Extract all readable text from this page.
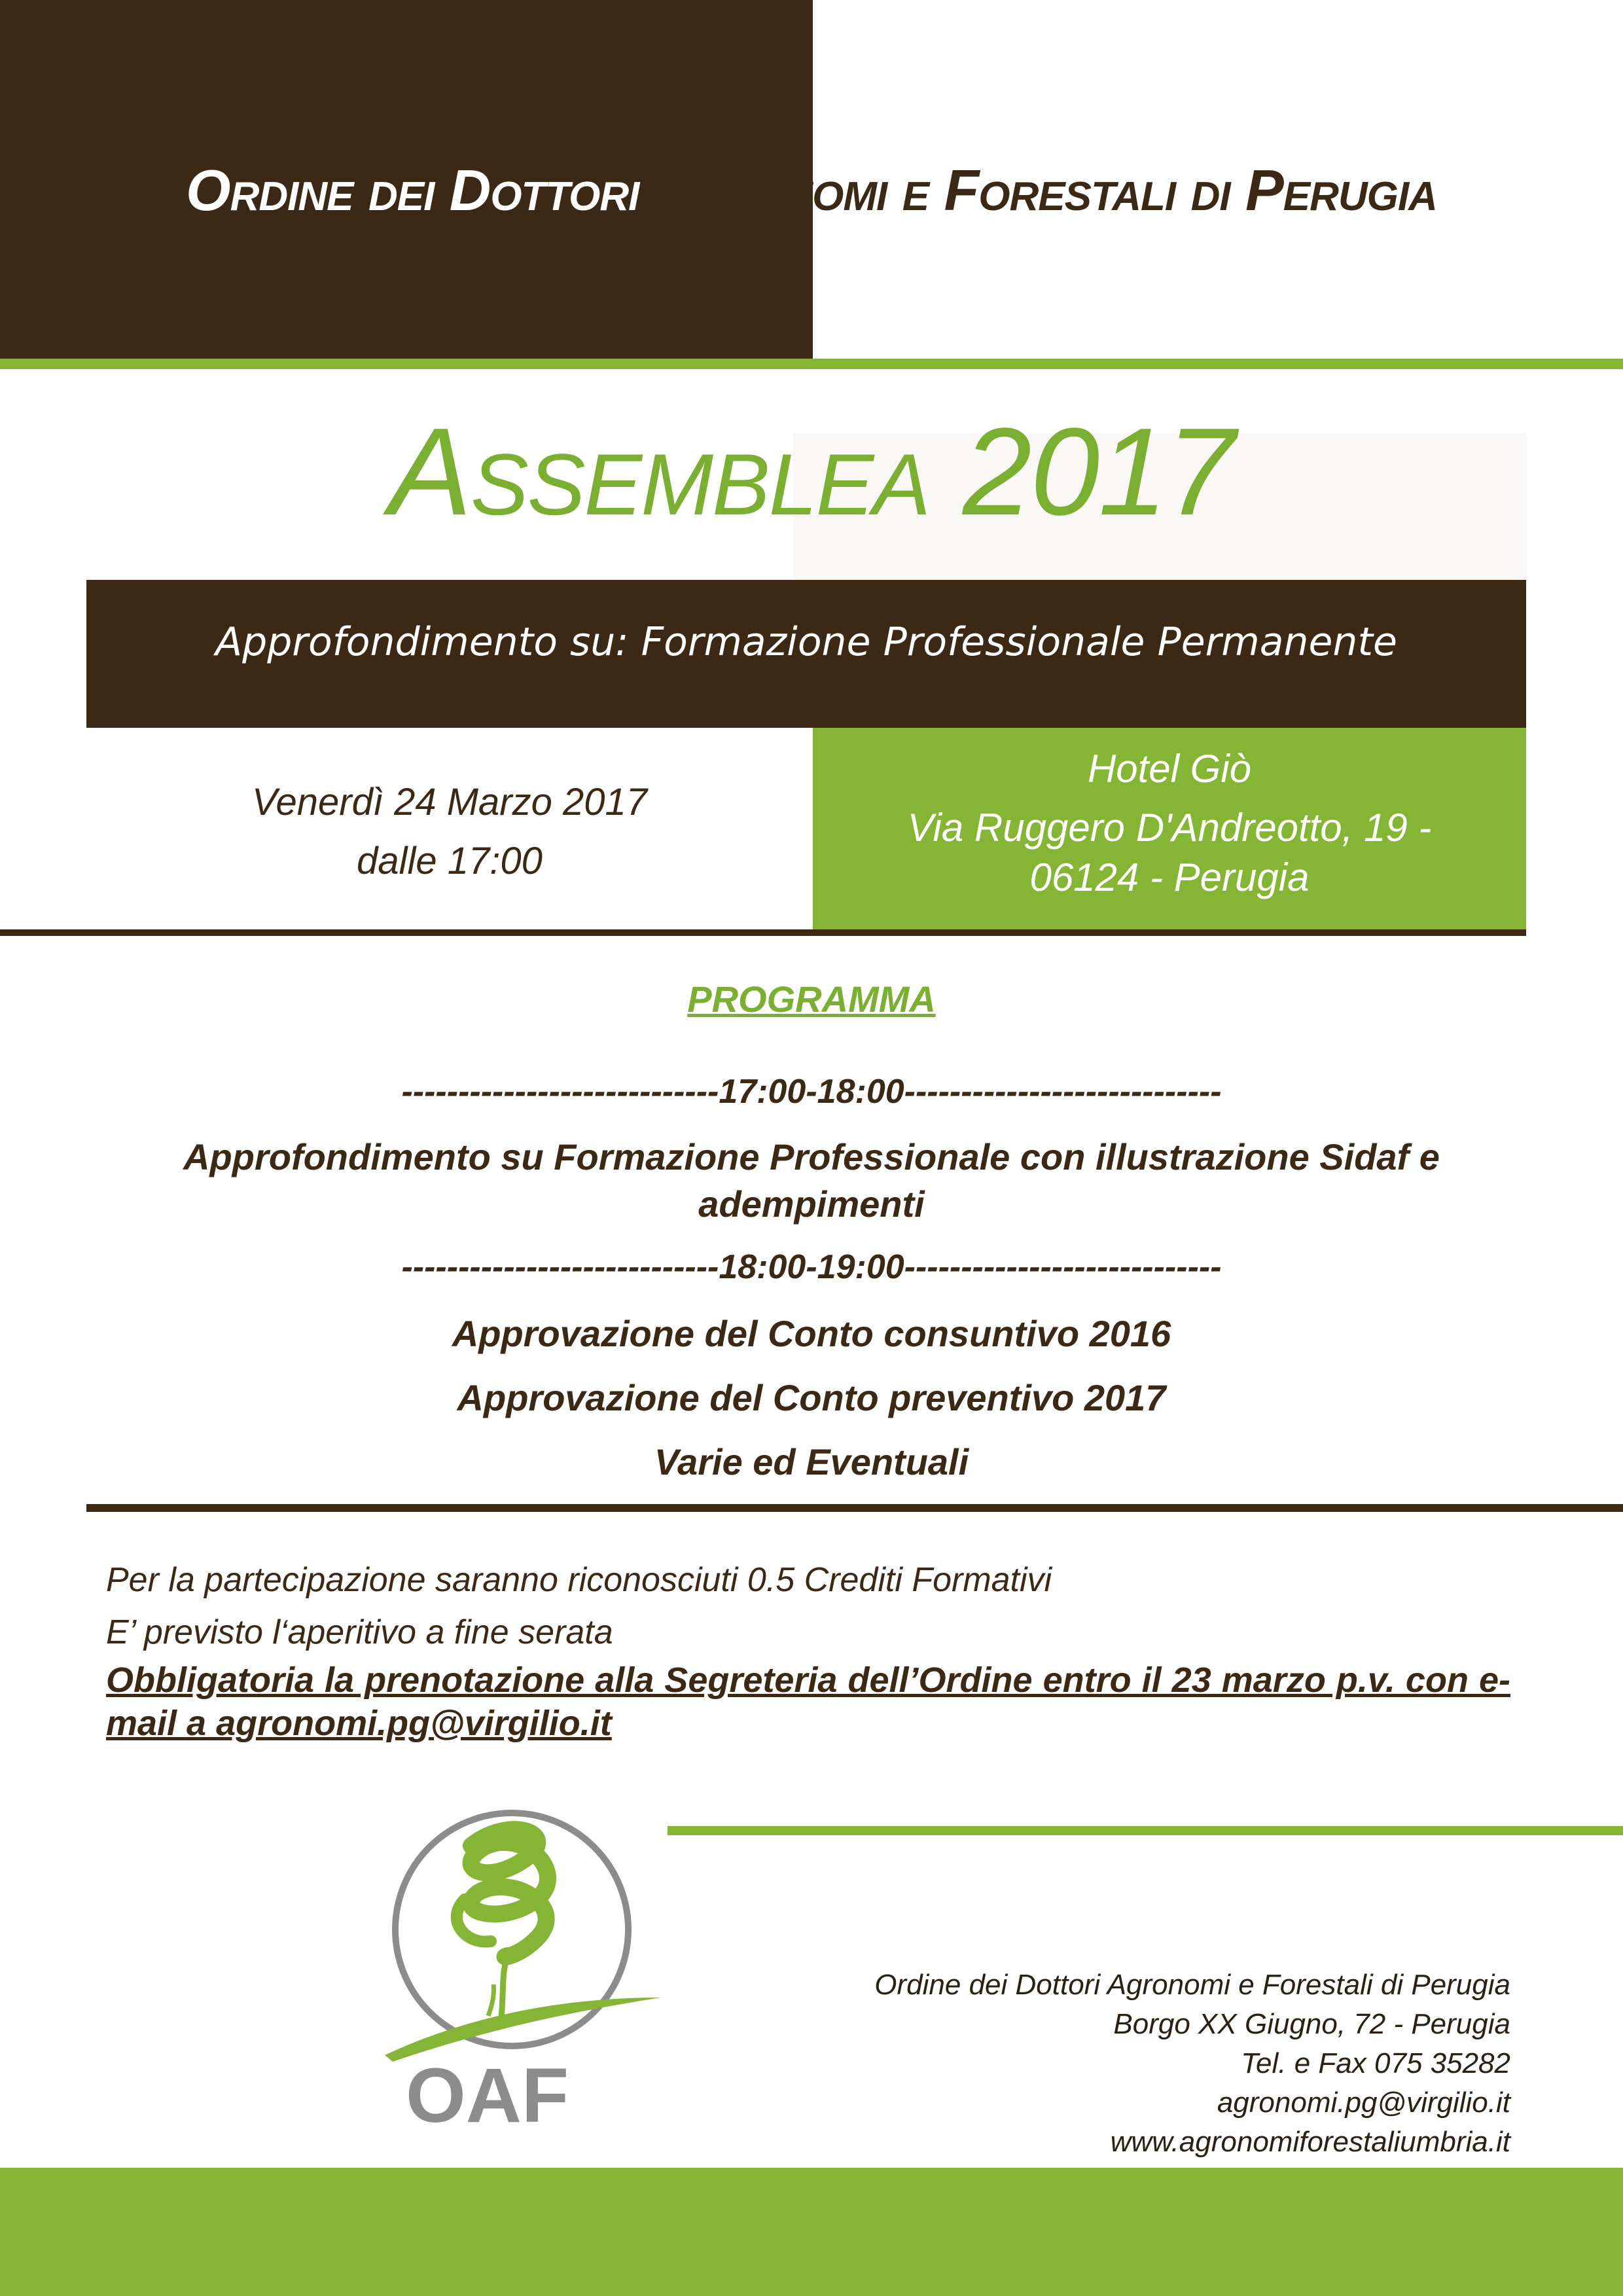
Ordine dei Dottori Agronomi e Forestali di Perugia
Assemblea 2017
Approfondimento su: Formazione Professionale Permanente
Venerdì 24 Marzo 2017
dalle 17:00
Hotel Giò
Via Ruggero D'Andreotto, 19 -
06124 - Perugia
PROGRAMMA
----------------------------17:00-18:00----------------------------
Approfondimento su Formazione Professionale con illustrazione Sidaf e adempimenti
----------------------------18:00-19:00----------------------------
Approvazione del Conto consuntivo 2016
Approvazione del Conto preventivo 2017
Varie ed Eventuali
Per la partecipazione saranno riconosciuti 0.5 Crediti Formativi
E’ previsto l‘aperitivo a fine serata
Obbligatoria la prenotazione alla Segreteria dell’Ordine entro il 23 marzo p.v. con e-mail a agronomi.pg@virgilio.it
OAF
Ordine dei Dottori Agronomi e Forestali di Perugia
Borgo XX Giugno, 72 - Perugia
Tel. e Fax 075 35282
agronomi.pg@virgilio.it
www.agronomiforestaliumbria.it
